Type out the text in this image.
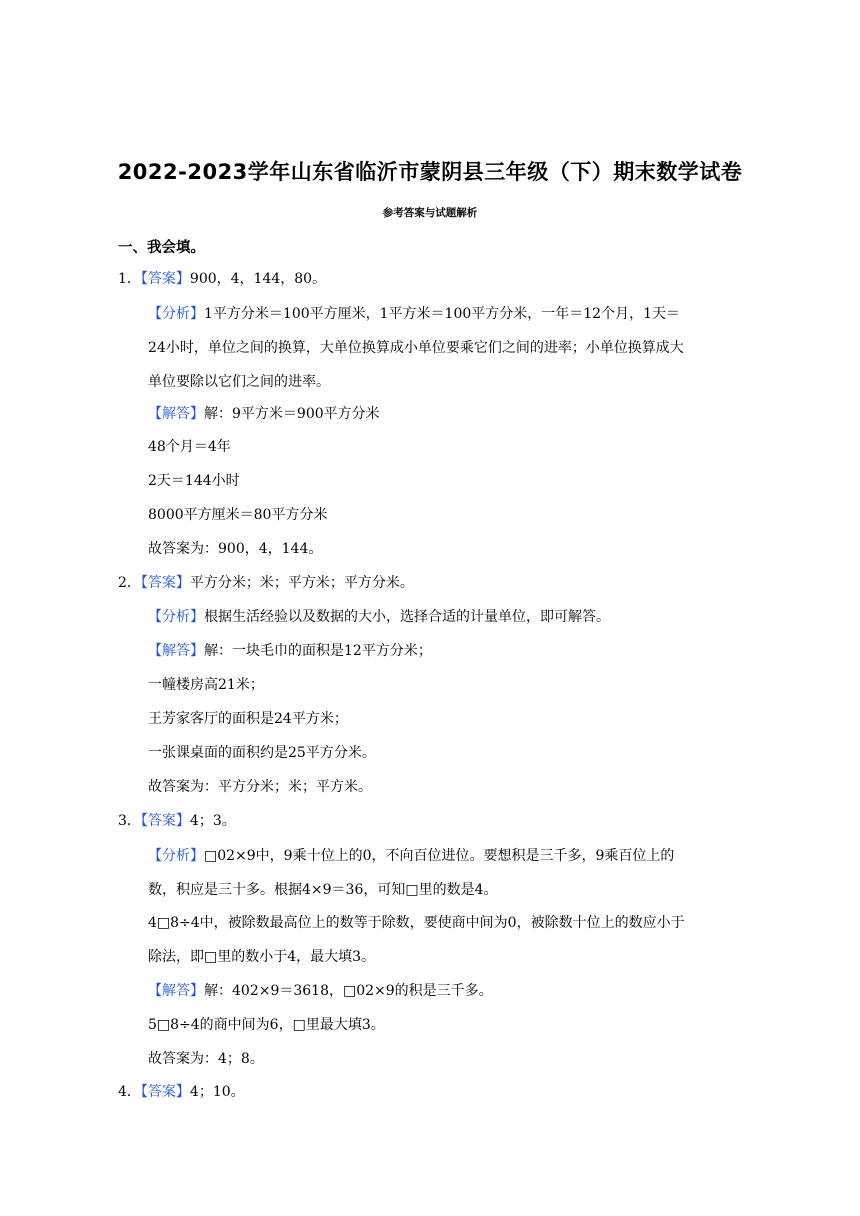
2022-2023学年山东省临沂市蒙阴县三年级（下）期末数学试卷
参考答案与试题解析
一、我会填。
1．【答案】900，4，144，80。
【分析】1平方分米＝100平方厘米，1平方米＝100平方分米，一年＝12个月，1天＝
24小时，单位之间的换算，大单位换算成小单位要乘它们之间的进率；小单位换算成大
单位要除以它们之间的进率。
【解答】解：9平方米＝900平方分米
48个月＝4年
2天＝144小时
8000平方厘米＝80平方分米
故答案为：900，4，144。
2．【答案】平方分米；米；平方米；平方分米。
【分析】根据生活经验以及数据的大小，选择合适的计量单位，即可解答。
【解答】解：一块毛巾的面积是12平方分米；
一幢楼房高21米；
王芳家客厅的面积是24平方米；
一张课桌面的面积约是25平方分米。
故答案为：平方分米；米；平方米。
3．【答案】4；3。
【分析】□02×9中，9乘十位上的0，不向百位进位。要想积是三千多，9乘百位上的
数，积应是三十多。根据4×9＝36，可知□里的数是4。
4□8÷4中，被除数最高位上的数等于除数，要使商中间为0，被除数十位上的数应小于
除法，即□里的数小于4，最大填3。
【解答】解：402×9＝3618，□02×9的积是三千多。
5□8÷4的商中间为6，□里最大填3。
故答案为：4；8。
4．【答案】4；10。
